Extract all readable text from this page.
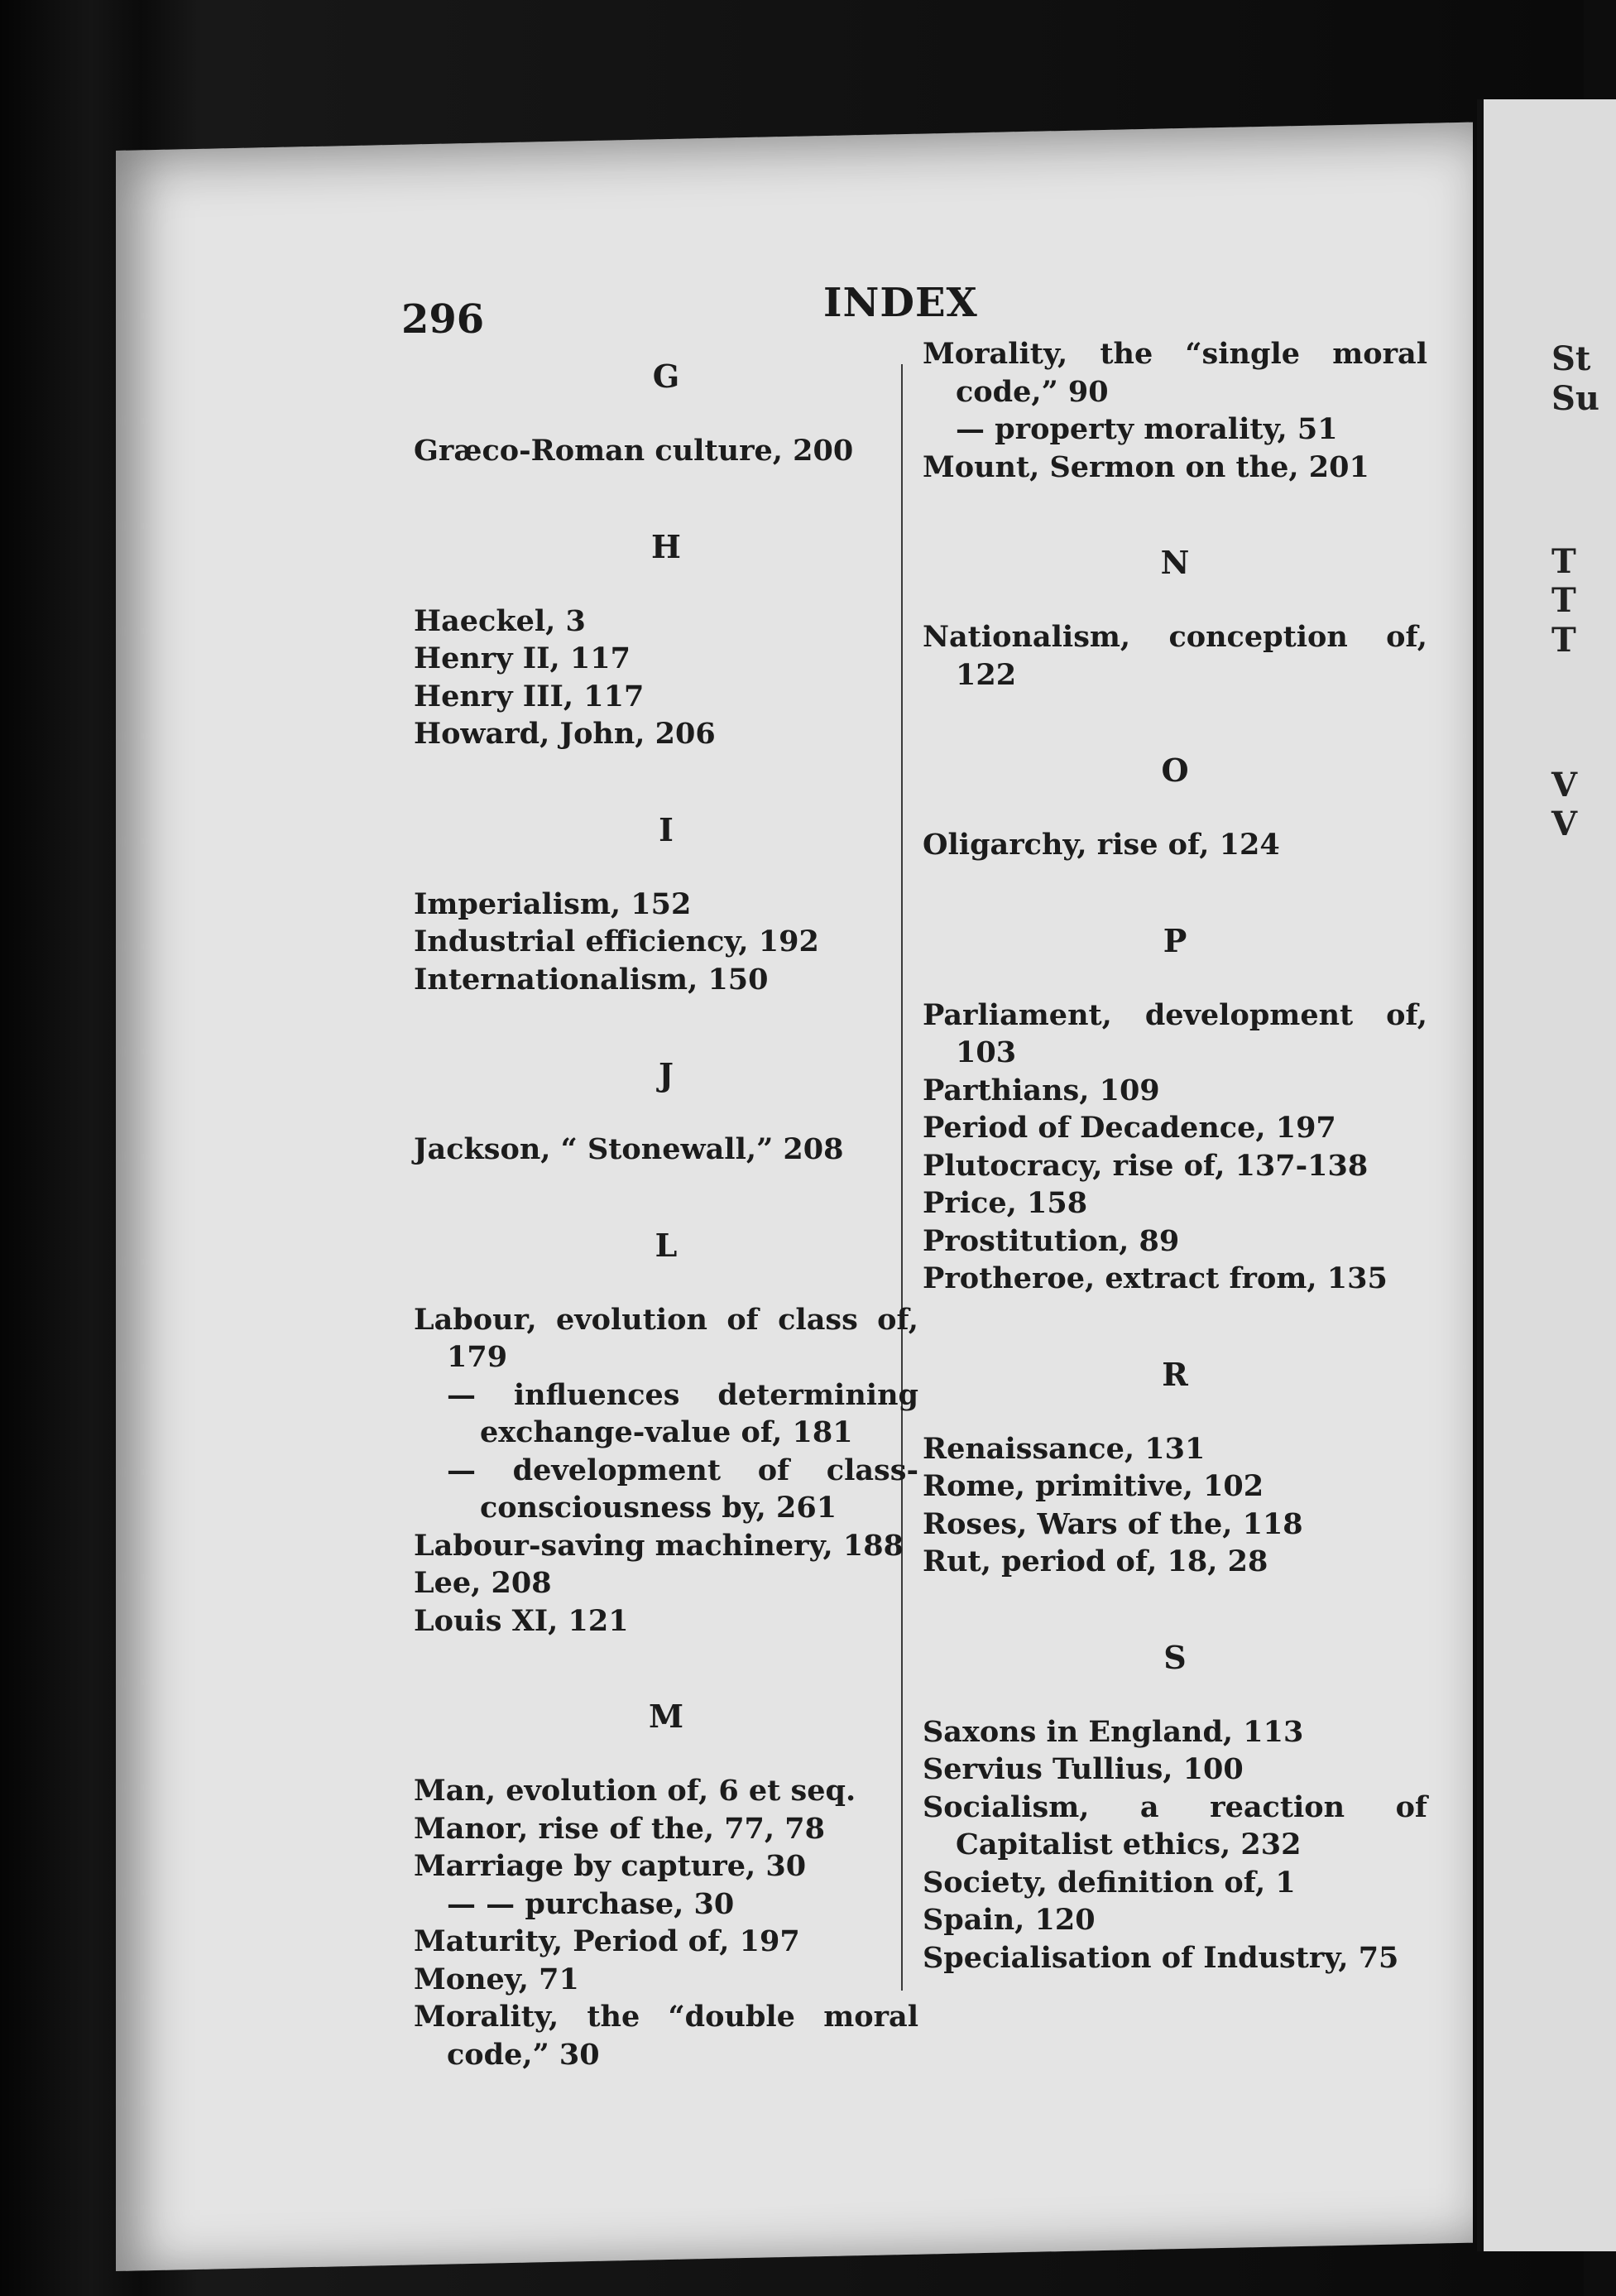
St
Su
T
T
T
V
V
296	INDEX
G
Græco-Roman culture, 200
H
Haeckel, 3
Henry II, 117
Henry III, 117
Howard, John, 206
I
Imperialism, 152
Industrial efficiency, 192
Internationalism, 150
J
Jackson, “ Stonewall,” 208
L
Labour, evolution of class of, 179
— influences determining exchange-value of, 181
— development of class-consciousness by, 261
Labour-saving machinery, 188
Lee, 208
Louis XI, 121
M
Man, evolution of, 6 et seq.
Manor, rise of the, 77, 78
Marriage by capture, 30
— — purchase, 30
Maturity, Period of, 197
Money, 71
Morality, the “double moral code,” 30
Morality, the “single moral code,” 90
— property morality, 51
Mount, Sermon on the, 201
N
Nationalism, conception of, 122
O
Oligarchy, rise of, 124
P
Parliament, development of, 103
Parthians, 109
Period of Decadence, 197
Plutocracy, rise of, 137-138
Price, 158
Prostitution, 89
Protheroe, extract from, 135
R
Renaissance, 131
Rome, primitive, 102
Roses, Wars of the, 118
Rut, period of, 18, 28
S
Saxons in England, 113
Servius Tullius, 100
Socialism, a reaction of Capitalist ethics, 232
Society, definition of, 1
Spain, 120
Specialisation of Industry, 75
